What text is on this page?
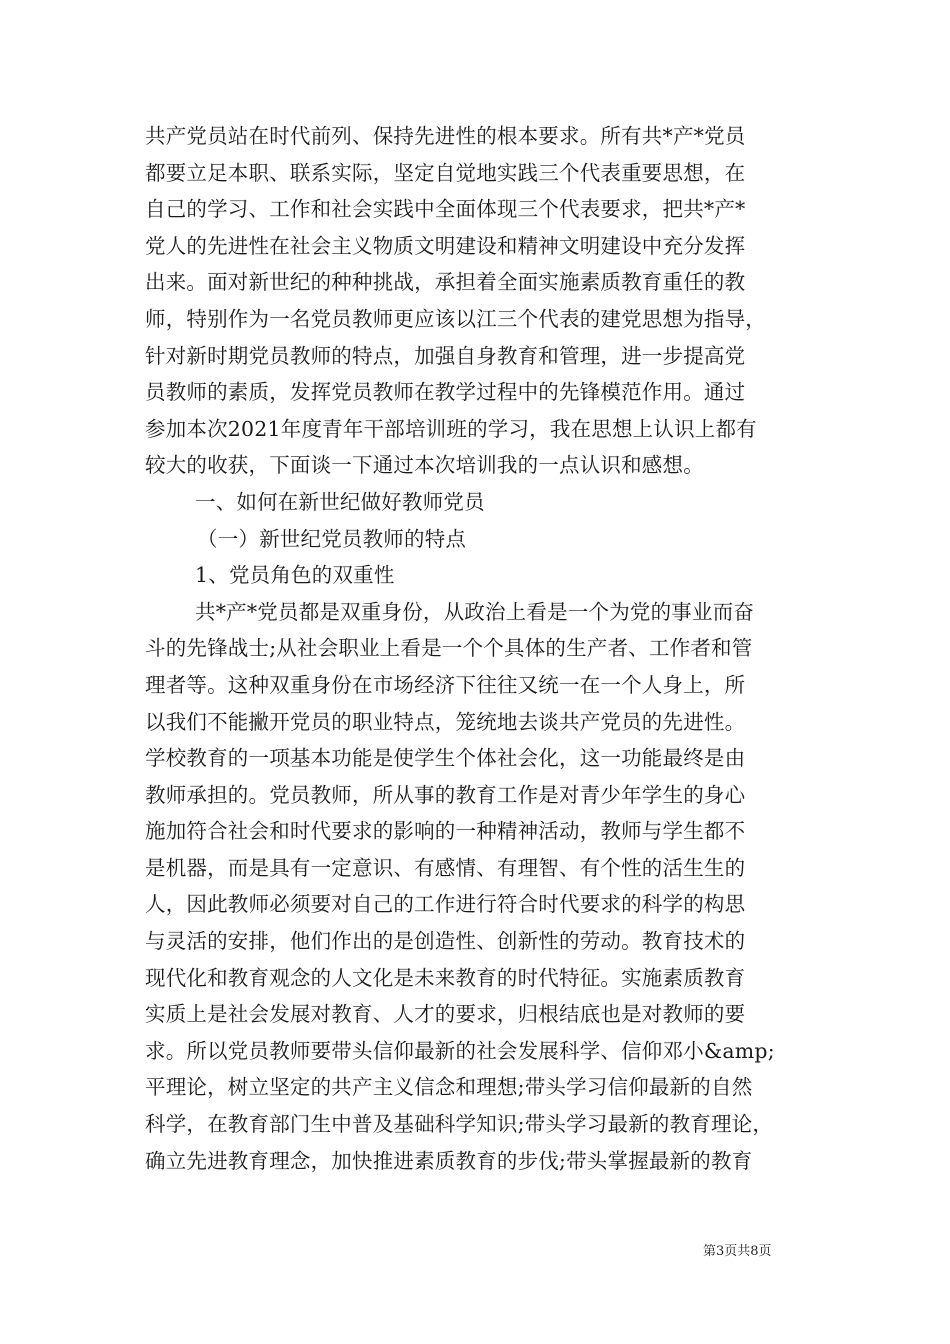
共产党员站在时代前列、保持先进性的根本要求。所有共*产*党员
都要立足本职、联系实际，坚定自觉地实践三个代表重要思想，在
自己的学习、工作和社会实践中全面体现三个代表要求，把共*产*
党人的先进性在社会主义物质文明建设和精神文明建设中充分发挥
出来。面对新世纪的种种挑战，承担着全面实施素质教育重任的教
师，特别作为一名党员教师更应该以江三个代表的建党思想为指导，
针对新时期党员教师的特点，加强自身教育和管理，进一步提高党
员教师的素质，发挥党员教师在教学过程中的先锋模范作用。通过
参加本次2021年度青年干部培训班的学习，我在思想上认识上都有
较大的收获，下面谈一下通过本次培训我的一点认识和感想。
一、如何在新世纪做好教师党员
（一）新世纪党员教师的特点
1、党员角色的双重性
共*产*党员都是双重身份，从政治上看是一个为党的事业而奋
斗的先锋战士;从社会职业上看是一个个具体的生产者、工作者和管
理者等。这种双重身份在市场经济下往往又统一在一个人身上，所
以我们不能撇开党员的职业特点，笼统地去谈共产党员的先进性。
学校教育的一项基本功能是使学生个体社会化，这一功能最终是由
教师承担的。党员教师，所从事的教育工作是对青少年学生的身心
施加符合社会和时代要求的影响的一种精神活动，教师与学生都不
是机器，而是具有一定意识、有感情、有理智、有个性的活生生的
人，因此教师必须要对自己的工作进行符合时代要求的科学的构思
与灵活的安排，他们作出的是创造性、创新性的劳动。教育技术的
现代化和教育观念的人文化是未来教育的时代特征。实施素质教育
实质上是社会发展对教育、人才的要求，归根结底也是对教师的要
求。所以党员教师要带头信仰最新的社会发展科学、信仰邓小&amp;
平理论，树立坚定的共产主义信念和理想;带头学习信仰最新的自然
科学，在教育部门生中普及基础科学知识;带头学习最新的教育理论，
确立先进教育理念，加快推进素质教育的步伐;带头掌握最新的教育
第3页共8页
